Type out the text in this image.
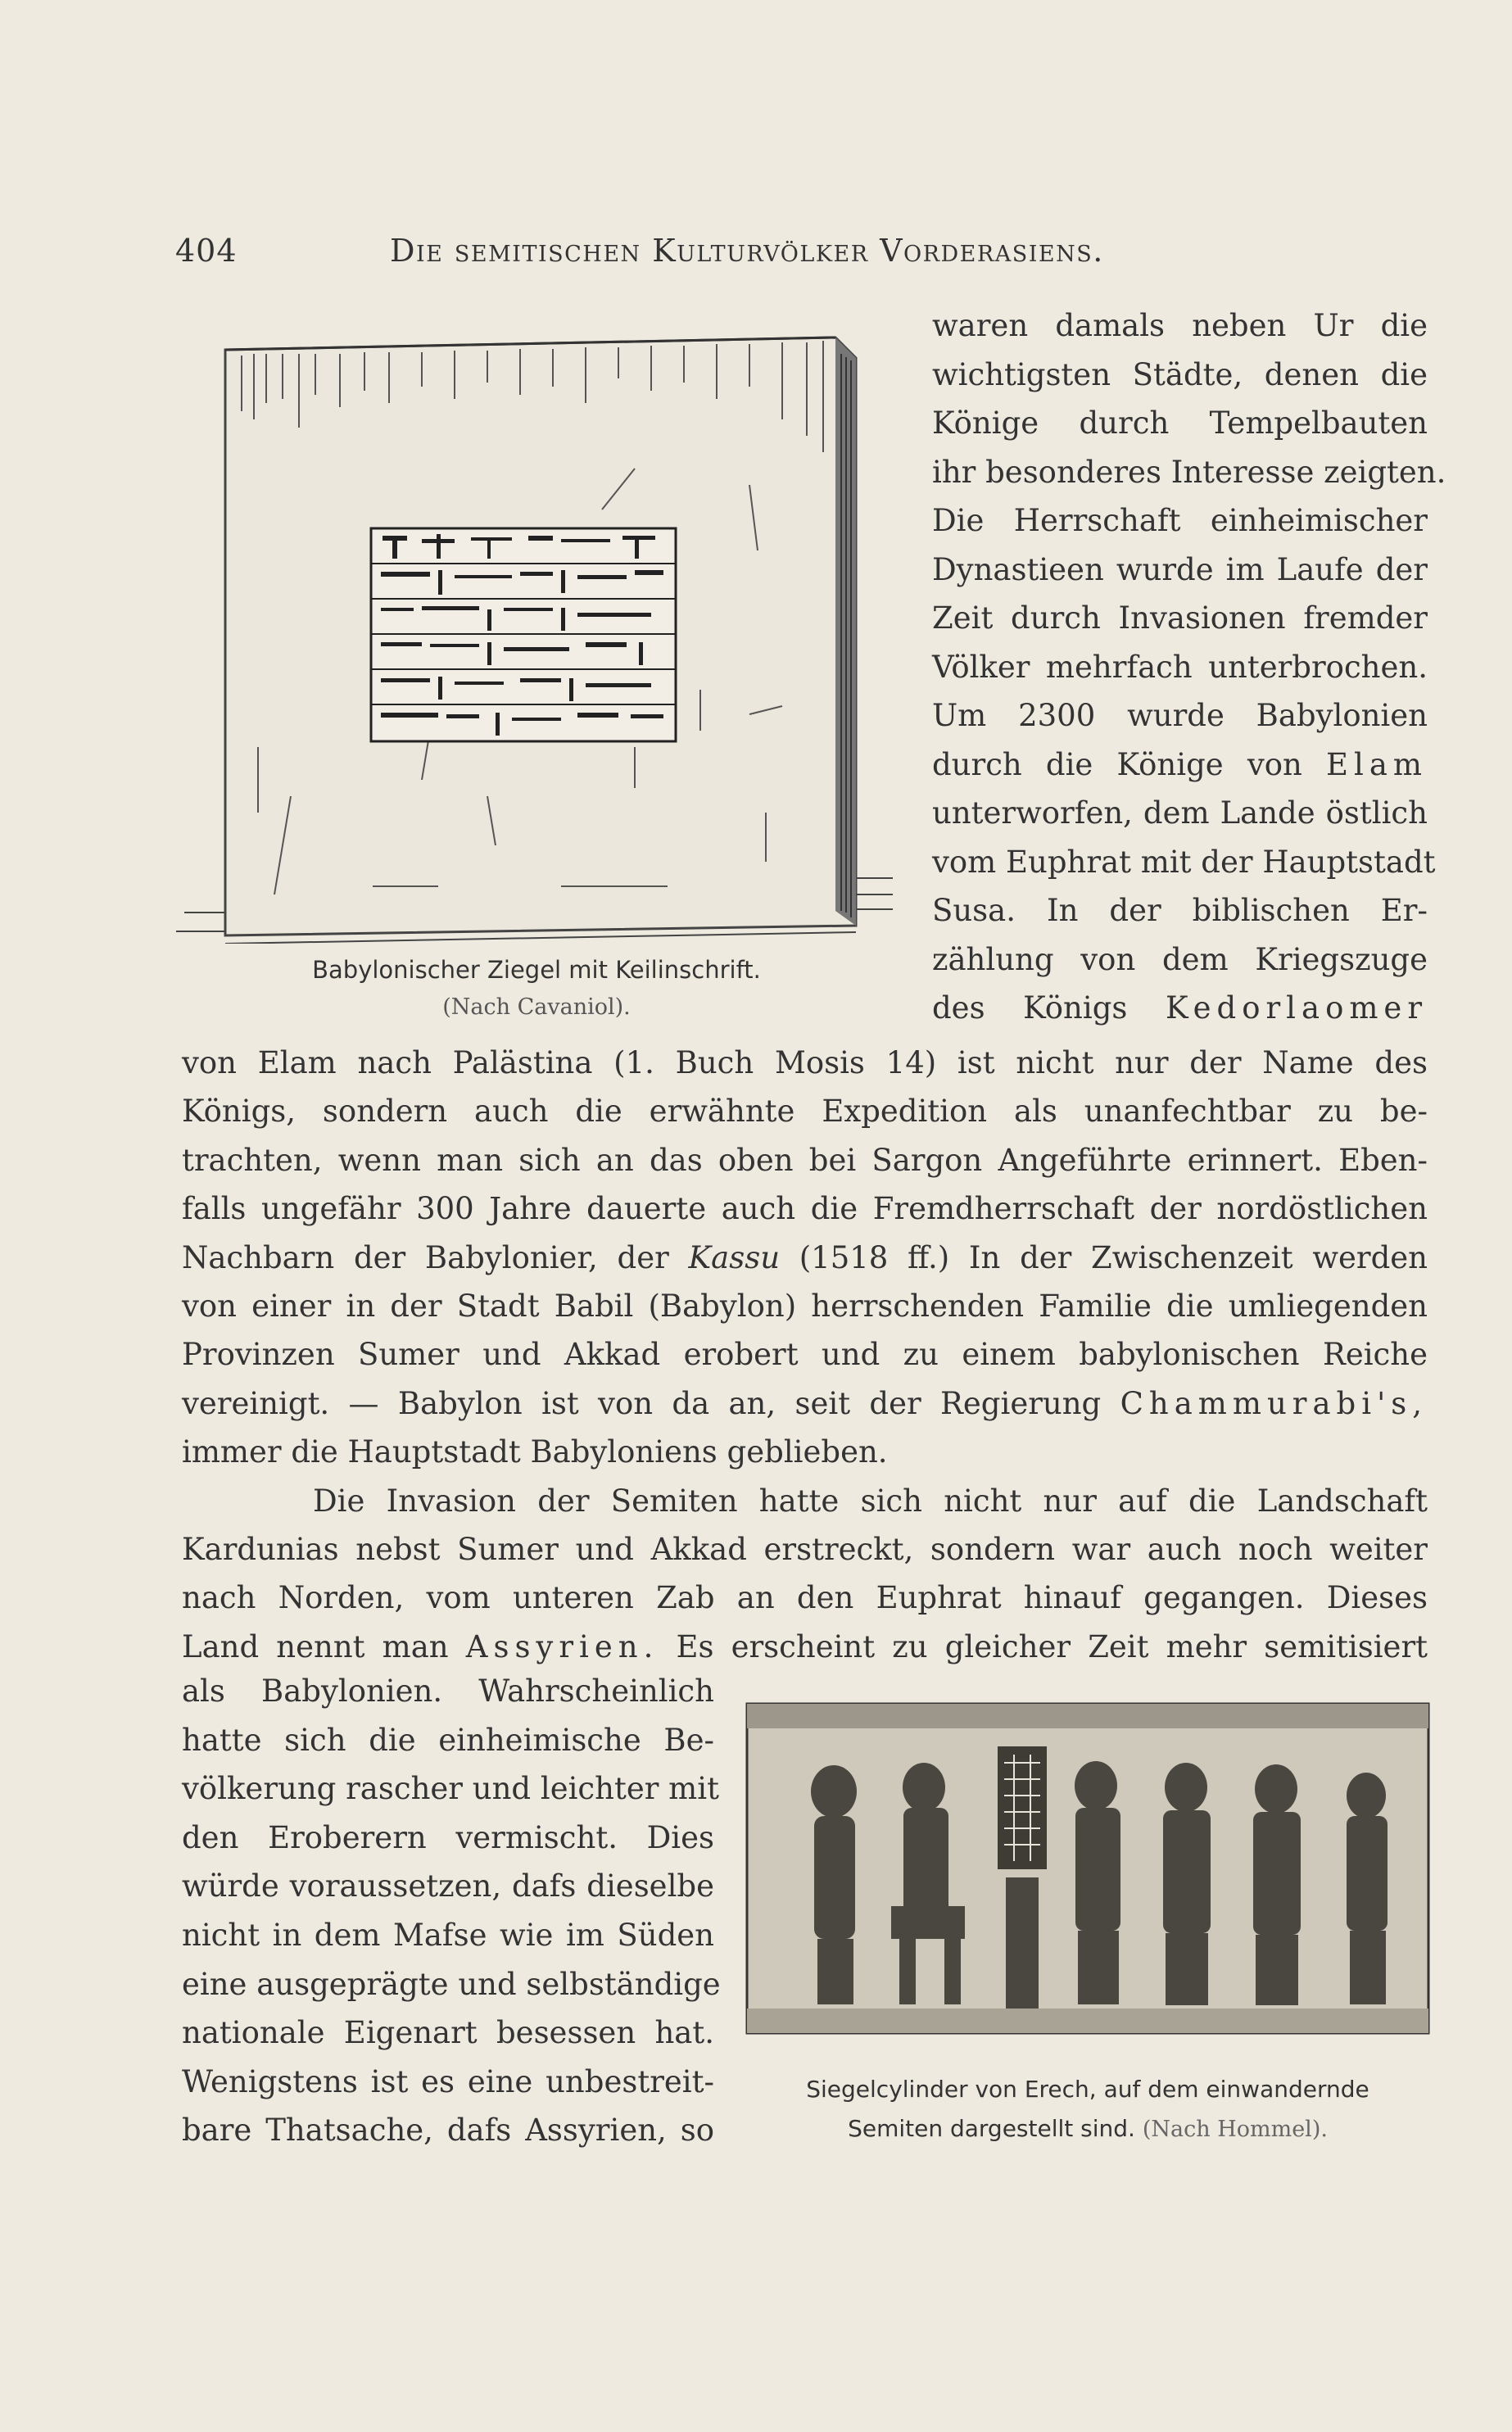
404	Die semitischen Kulturvölker Vorderasiens.
Babylonischer Ziegel mit Keilinschrift.
(Nach Cavaniol).
waren damals neben Ur die
wichtigsten Städte, denen die
Könige durch Tempelbauten
ihr besonderes Interesse zeigten.
Die Herrschaft einheimischer
Dynastieen wurde im Laufe der
Zeit durch Invasionen fremder
Völker mehrfach unterbrochen.
Um 2300 wurde Babylonien
durch die Könige von Elam
unterworfen, dem Lande östlich
vom Euphrat mit der Hauptstadt
Susa. In der biblischen Er-
zählung von dem Kriegszuge
des Königs Kedorlaomer
von Elam nach Palästina (1. Buch Mosis 14) ist nicht nur der Name des
Königs, sondern auch die erwähnte Expedition als unanfechtbar zu be-
trachten, wenn man sich an das oben bei Sargon Angeführte erinnert. Eben-
falls ungefähr 300 Jahre dauerte auch die Fremdherrschaft der nordöstlichen
Nachbarn der Babylonier, der Kassu (1518 ff.) In der Zwischenzeit werden
von einer in der Stadt Babil (Babylon) herrschenden Familie die umliegenden
Provinzen Sumer und Akkad erobert und zu einem babylonischen Reiche
vereinigt. — Babylon ist von da an, seit der Regierung Chammurabi's,
immer die Hauptstadt Babyloniens geblieben.
Die Invasion der Semiten hatte sich nicht nur auf die Landschaft
Kardunias nebst Sumer und Akkad erstreckt, sondern war auch noch weiter
nach Norden, vom unteren Zab an den Euphrat hinauf gegangen. Dieses
Land nennt man Assyrien. Es erscheint zu gleicher Zeit mehr semitisiert
als Babylonien. Wahrscheinlich
hatte sich die einheimische Be-
völkerung rascher und leichter mit
den Eroberern vermischt. Dies
würde voraussetzen, dafs dieselbe
nicht in dem Mafse wie im Süden
eine ausgeprägte und selbständige
nationale Eigenart besessen hat.
Wenigstens ist es eine unbestreit-
bare Thatsache, dafs Assyrien, so
Siegelcylinder von Erech, auf dem einwandernde
Semiten dargestellt sind. (Nach Hommel).
